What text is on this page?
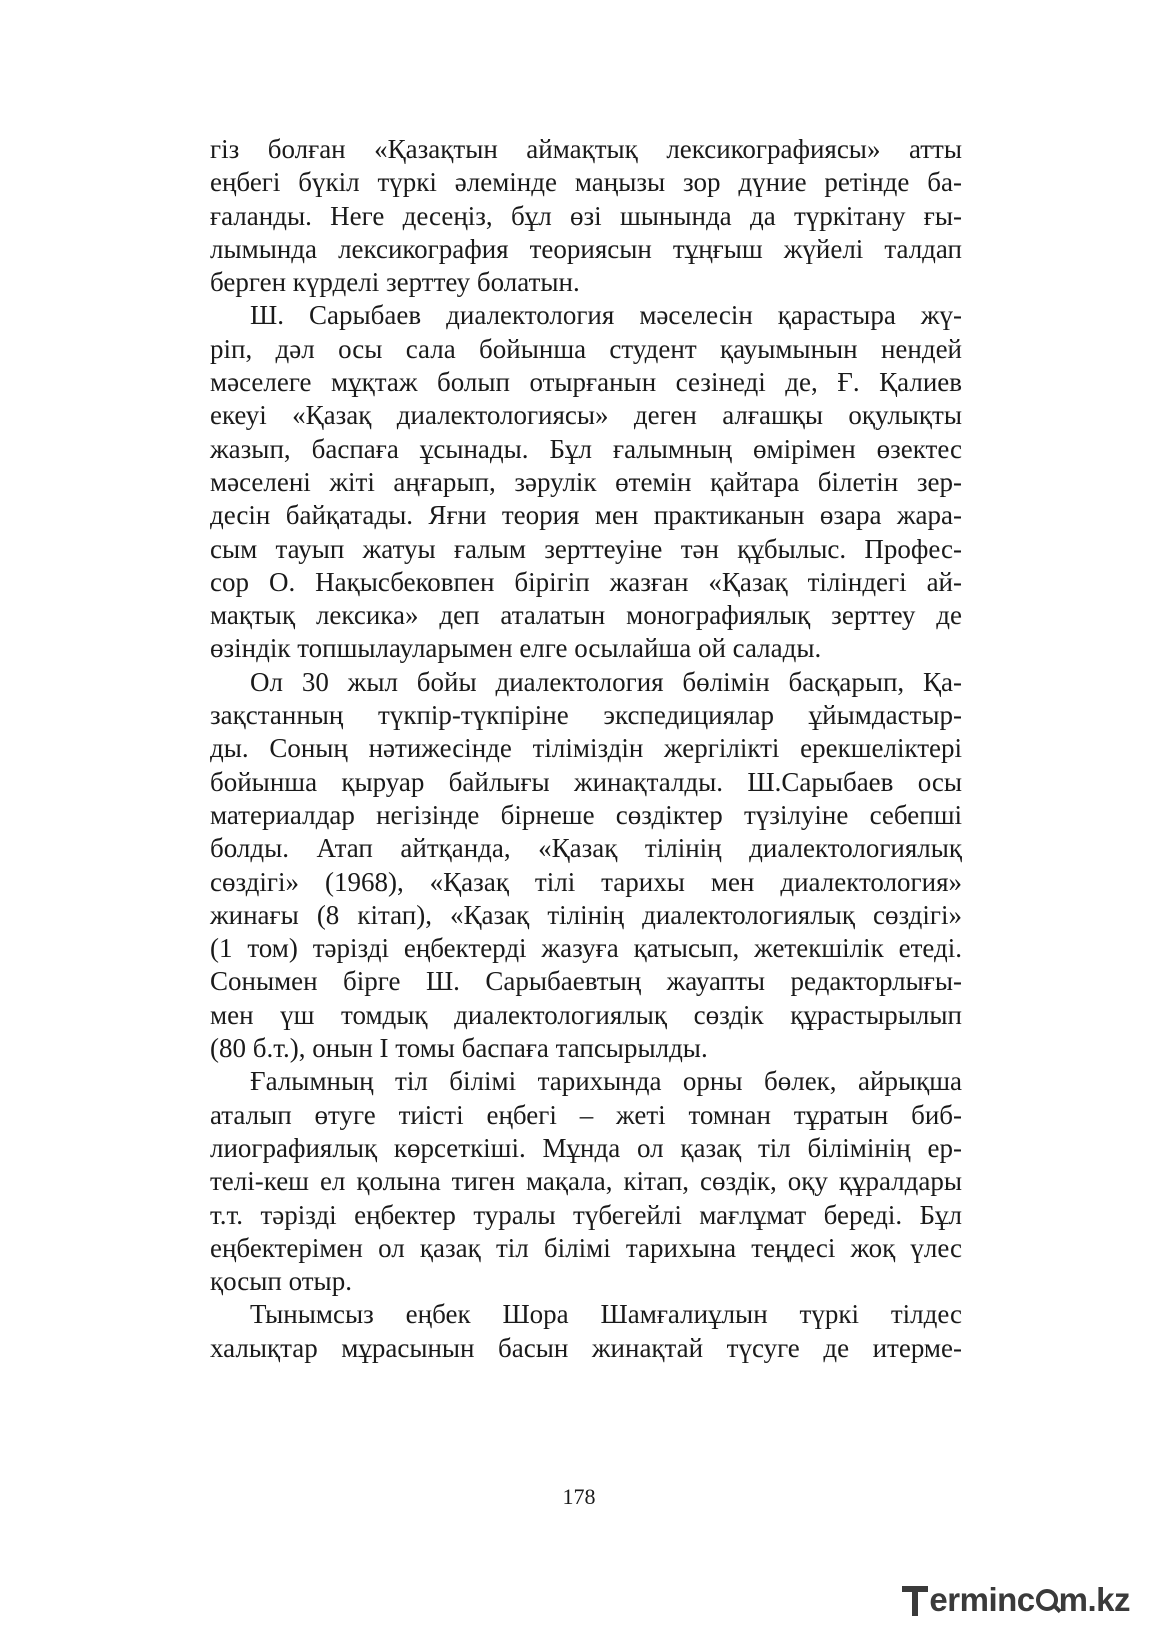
гіз болған «Қазақтын аймақтық лексикографиясы» атты
еңбегі бүкіл түркі әлемінде маңызы зор дүние ретінде ба-
ғаланды. Неге десеңіз, бұл өзі шынында да түркітану ғы-
лымында лексикография теориясын тұңғыш жүйелі талдап
берген күрделі зерттеу болатын.
Ш. Сарыбаев диалектология мәселесін қарастыра жү-
ріп, дәл осы сала бойынша студент қауымынын нендей
мәселеге мұқтаж болып отырғанын сезінеді де, Ғ. Қалиев
екеуі «Қазақ диалектологиясы» деген алғашқы оқулықты
жазып, баспаға ұсынады. Бұл ғалымның өмірімен өзектес
мәселені жіті аңғарып, зәрулік өтемін қайтара білетін зер-
десін байқатады. Яғни теория мен практиканын өзара жара-
сым тауып жатуы ғалым зерттеуіне тән құбылыс. Профес-
сор О. Нақысбековпен бірігіп жазған «Қазақ тіліндегі ай-
мақтық лексика» деп аталатын монографиялық зерттеу де
өзіндік топшылауларымен елге осылайша ой салады.
Ол 30 жыл бойы диалектология бөлімін басқарып, Қа-
зақстанның түкпір-түкпіріне экспедициялар ұйымдастыр-
ды. Соның нәтижесінде тіліміздін жергілікті ерекшеліктері
бойынша қыруар байлығы жинақталды. Ш.Сарыбаев осы
материалдар негізінде бірнеше сөздіктер түзілуіне себепші
болды. Атап айтқанда, «Қазақ тілінің диалектологиялық
сөздігі» (1968), «Қазақ тілі тарихы мен диалектология»
жинағы (8 кітап), «Қазақ тілінің диалектологиялық сөздігі»
(1 том) тәрізді еңбектерді жазуға қатысып, жетекшілік етеді.
Сонымен бірге Ш. Сарыбаевтың жауапты редакторлығы-
мен үш томдық диалектологиялық сөздік құрастырылып
(80 б.т.), онын І томы баспаға тапсырылды.
Ғалымның тіл білімі тарихында орны бөлек, айрықша
аталып өтуге тиісті еңбегі – жеті томнан тұратын биб-
лиографиялық көрсеткіші. Мұнда ол қазақ тіл білімінің ер-
телі-кеш ел қолына тиген мақала, кітап, сөздік, оқу құралдары
т.т. тәрізді еңбектер туралы түбегейлі мағлұмат береді. Бұл
еңбектерімен ол қазақ тіл білімі тарихына теңдесі жоқ үлес
қосып отыр.
Тынымсыз еңбек Шора Шамғалиұлын түркі тілдес
халықтар мұрасынын басын жинақтай түсуге де итерме-
178
erminc m.kz
